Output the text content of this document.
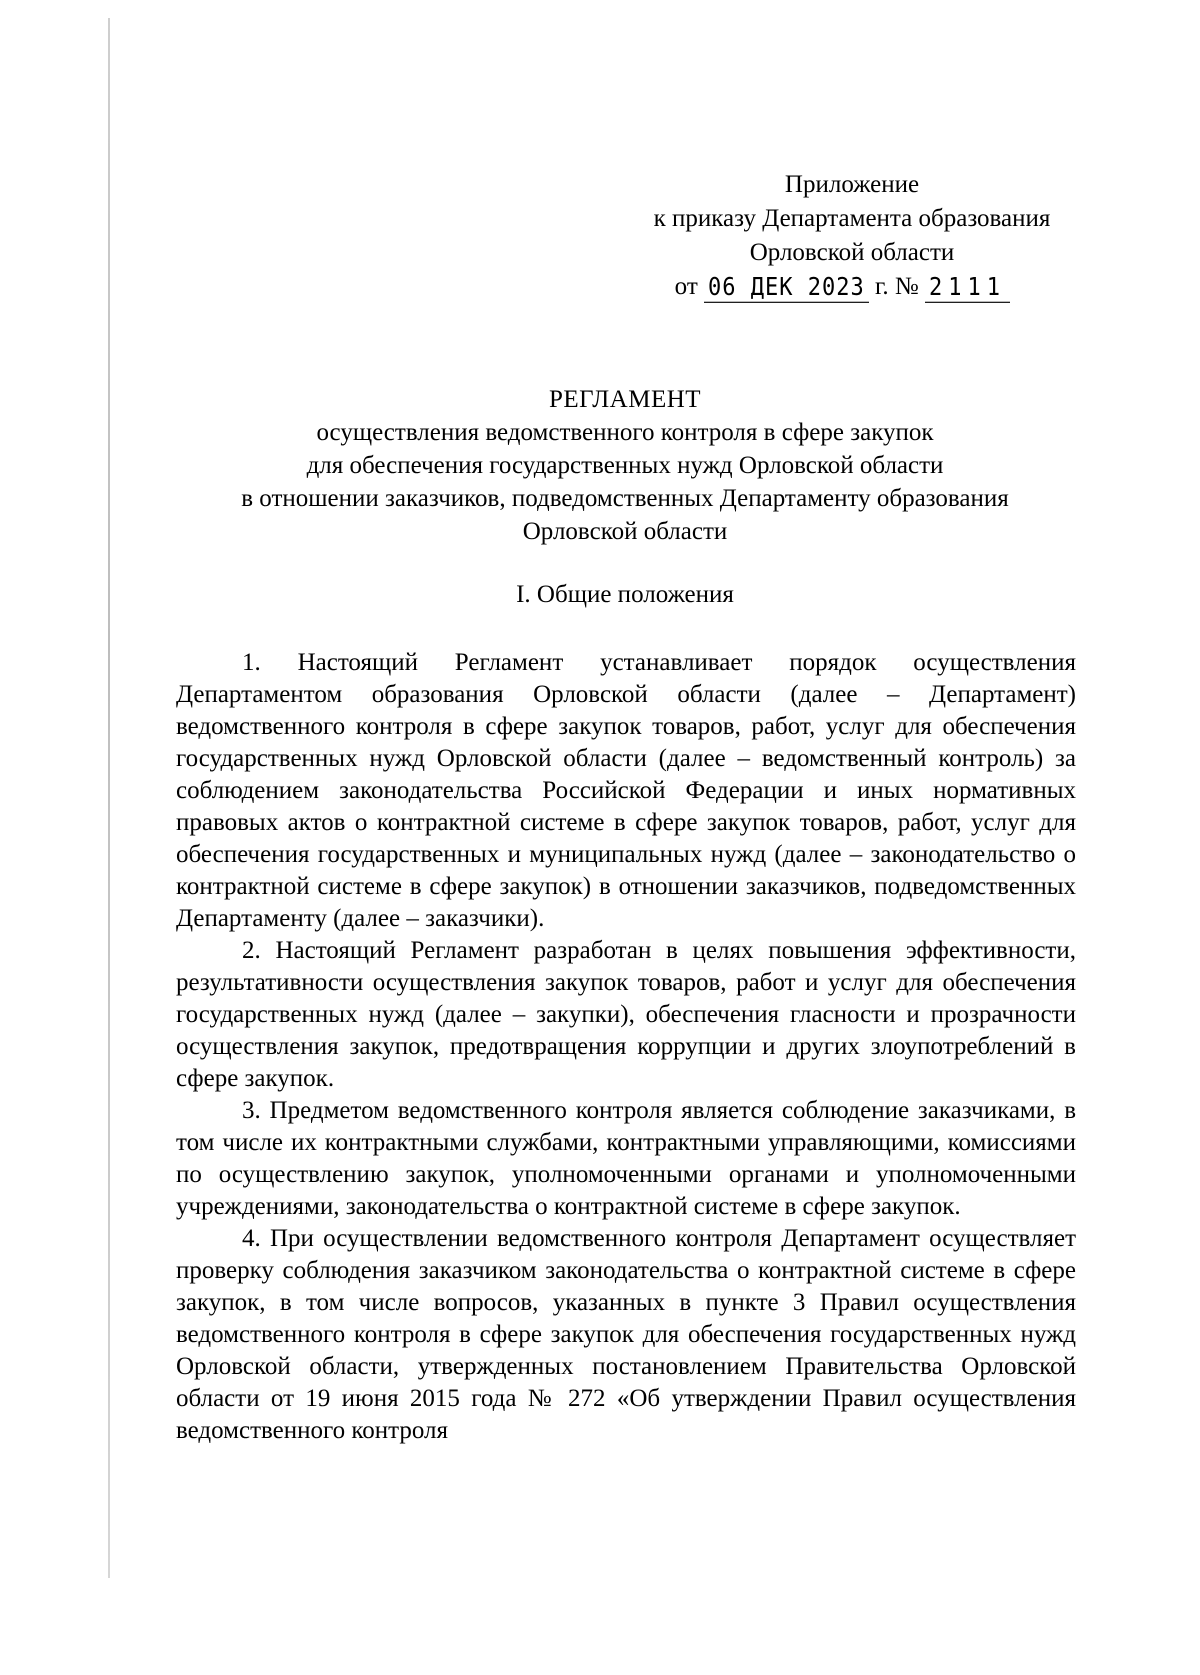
Приложение
к приказу Департамента образования
Орловской области
от 06 ДЕК 2023 г. № 2111
РЕГЛАМЕНТ
осуществления ведомственного контроля в сфере закупок
для обеспечения государственных нужд Орловской области
в отношении заказчиков, подведомственных Департаменту образования
Орловской области
I. Общие положения

1. Настоящий Регламент устанавливает порядок осуществления Департаментом образования Орловской области (далее – Департамент) ведомственного контроля в сфере закупок товаров, работ, услуг для обеспечения государственных нужд Орловской области (далее – ведомственный контроль) за соблюдением законодательства Российской Федерации и иных нормативных правовых актов о контрактной системе в сфере закупок товаров, работ, услуг для обеспечения государственных и муниципальных нужд (далее – законодательство о контрактной системе в сфере закупок) в отношении заказчиков, подведомственных Департаменту (далее – заказчики).

2. Настоящий Регламент разработан в целях повышения эффективности, результативности осуществления закупок товаров, работ и услуг для обеспечения государственных нужд (далее – закупки), обеспечения гласности и прозрачности осуществления закупок, предотвращения коррупции и других злоупотреблений в сфере закупок.

3. Предметом ведомственного контроля является соблюдение заказчиками, в том числе их контрактными службами, контрактными управляющими, комиссиями по осуществлению закупок, уполномоченными органами и уполномоченными учреждениями, законодательства о контрактной системе в сфере закупок.

4. При осуществлении ведомственного контроля Департамент осуществляет проверку соблюдения заказчиком законодательства о контрактной системе в сфере закупок, в том числе вопросов, указанных в пункте 3 Правил осуществления ведомственного контроля в сфере закупок для обеспечения государственных нужд Орловской области, утвержденных постановлением Правительства Орловской области от 19 июня 2015 года № 272 «Об утверждении Правил осуществления ведомственного контроля
